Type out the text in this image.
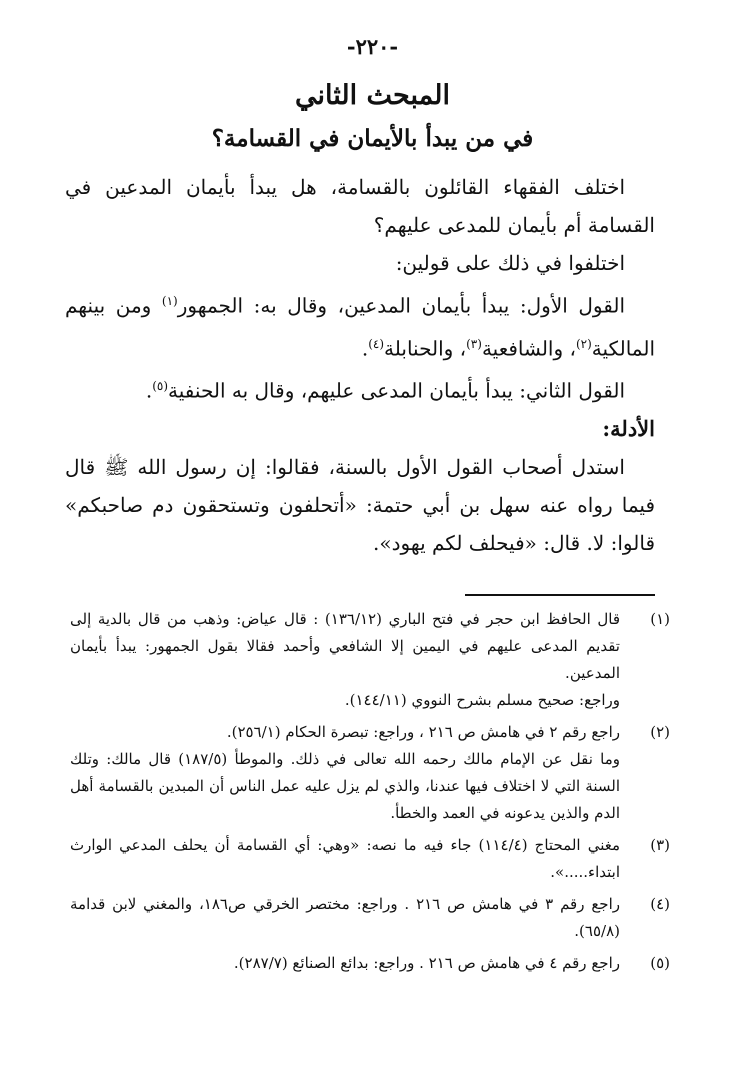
-٢٢٠-
المبحث الثاني
في من يبدأ بالأيمان في القسامة؟

اختلف الفقهاء القائلون بالقسامة، هل يبدأ بأيمان المدعين في القسامة أم بأيمان للمدعى عليهم؟

اختلفوا في ذلك على قولين:

القول الأول: يبدأ بأيمان المدعين، وقال به: الجمهور$^{(١)}$ ومن بينهم المالكية$^{(٢)}$، والشافعية$^{(٣)}$، والحنابلة$^{(٤)}$.

القول الثاني: يبدأ بأيمان المدعى عليهم، وقال به الحنفية$^{(٥)}$.

الأدلة:

استدل أصحاب القول الأول بالسنة، فقالوا: إن رسول الله ﷺ قال فيما رواه عنه سهل بن أبي حتمة: «أتحلفون وتستحقون دم صاحبكم» قالوا: لا. قال: «فيحلف لكم يهود».

(١)
قال الحافظ ابن حجر في فتح الباري (١٣٦/١٢) : قال عياض: وذهب من قال بالدية إلى تقديم المدعى عليهم في اليمين إلا الشافعي وأحمد فقالا بقول الجمهور: يبدأ بأيمان المدعين.
وراجع: صحيح مسلم بشرح النووي (١٤٤/١١).
(٢)
راجع رقم ٢ في هامش ص ٢١٦ ، وراجع: تبصرة الحكام (٢٥٦/١).
وما نقل عن الإمام مالك رحمه الله تعالى في ذلك. والموطأ (١٨٧/٥) قال مالك: وتلك السنة التي لا اختلاف فيها عندنا، والذي لم يزل عليه عمل الناس أن المبدين بالقسامة أهل الدم والذين يدعونه في العمد والخطأ.
(٣)
مغني المحتاج (١١٤/٤) جاء فيه ما نصه: «وهي: أي القسامة أن يحلف المدعي الوارث ابتداء.....».
(٤)
راجع رقم ٣ في هامش ص ٢١٦ . وراجع: مختصر الخرقي ص١٨٦، والمغني لابن قدامة (٦٥/٨).
(٥)
راجع رقم ٤ في هامش ص ٢١٦ . وراجع: بدائع الصنائع (٢٨٧/٧).
